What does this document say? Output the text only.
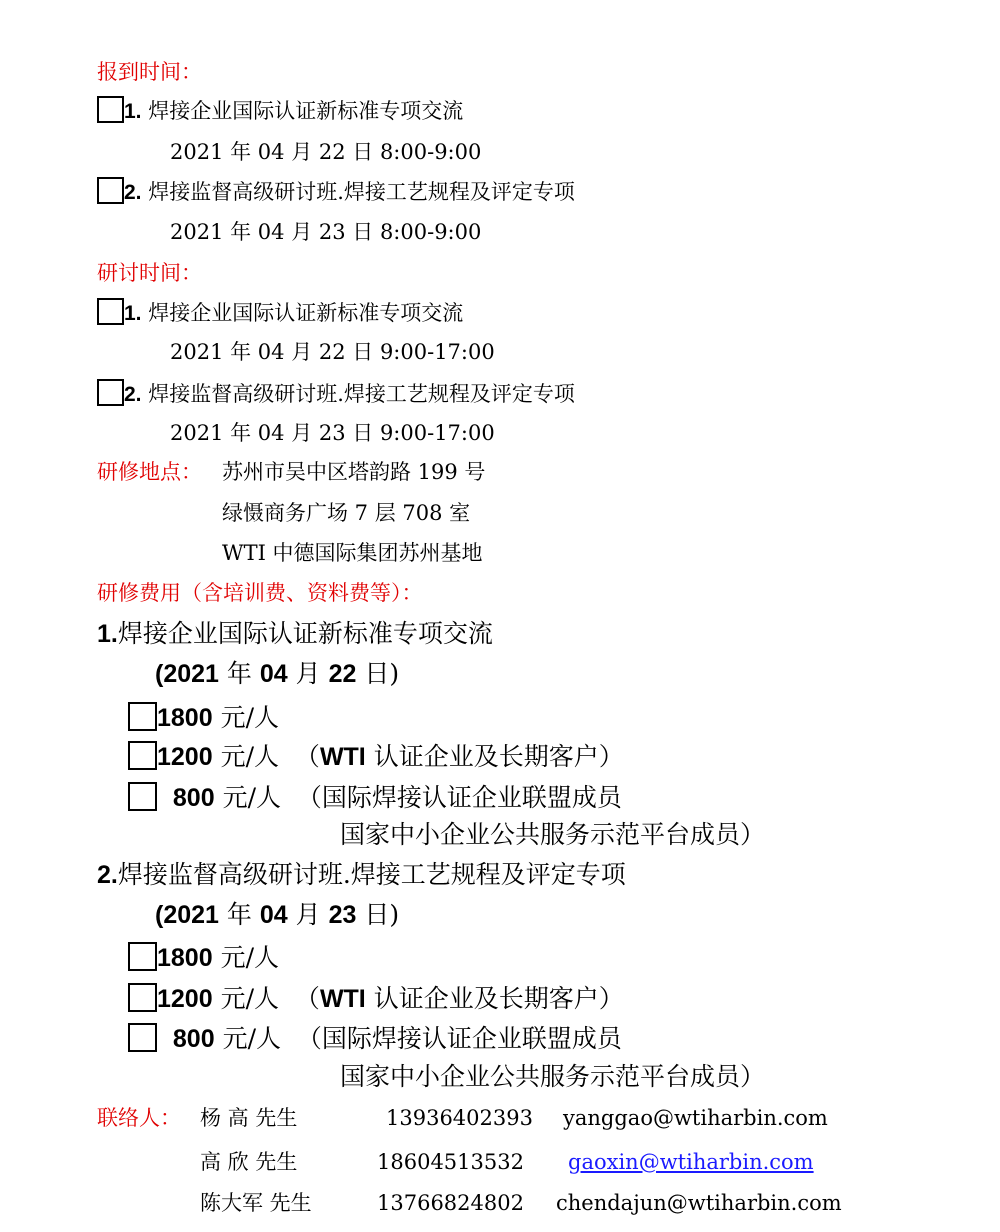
报到时间：
1. 焊接企业国际认证新标准专项交流
2021 年 04 月 22 日 8:00-9:00
2. 焊接监督高级研讨班.焊接工艺规程及评定专项
2021 年 04 月 23 日 8:00-9:00
研讨时间：
1. 焊接企业国际认证新标准专项交流
2021 年 04 月 22 日 9:00-17:00
2. 焊接监督高级研讨班.焊接工艺规程及评定专项
2021 年 04 月 23 日 9:00-17:00
研修地点： 苏州市吴中区塔韵路 199 号
绿慑商务广场 7 层 708 室
WTI 中德国际集团苏州基地
研修费用（含培训费、资料费等）：
1.焊接企业国际认证新标准专项交流
(2021 年 04 月 22 日)
1800 元/人
1200 元/人 （WTI 认证企业及长期客户）
800 元/人 （国际焊接认证企业联盟成员
国家中小企业公共服务示范平台成员）
2.焊接监督高级研讨班.焊接工艺规程及评定专项
(2021 年 04 月 23 日)
1800 元/人
1200 元/人 （WTI 认证企业及长期客户）
800 元/人 （国际焊接认证企业联盟成员
国家中小企业公共服务示范平台成员）
联络人： 杨 高 先生	13936402393 yanggao@wtiharbin.com
高 欣 先生	18604513532 gaoxin@wtiharbin.com
陈大军 先生	13766824802 chendajun@wtiharbin.com
